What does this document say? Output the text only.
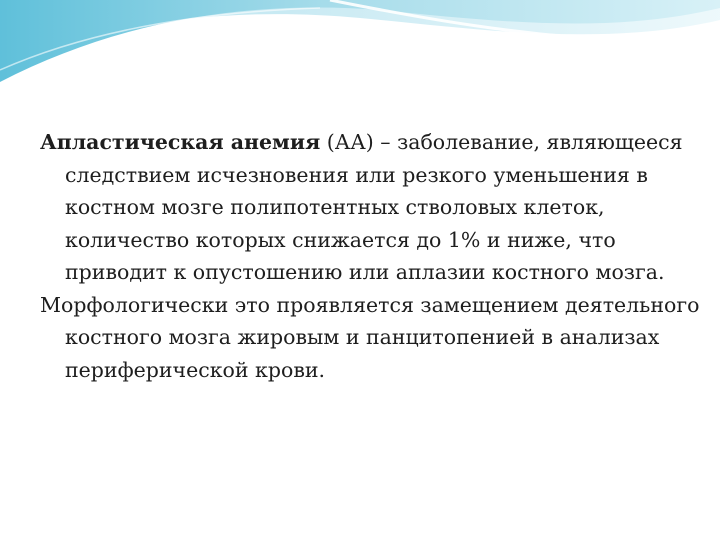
Апластическая анемия (АА) – заболевание, являющееся следствием исчезновения или резкого уменьшения в костном мозге полипотентных стволовых клеток, количество которых снижается до 1% и ниже, что приводит к опустошению или аплазии костного мозга.

Морфологически это проявляется замещением деятельного костного мозга жировым и панцитопенией в анализах периферической крови.
